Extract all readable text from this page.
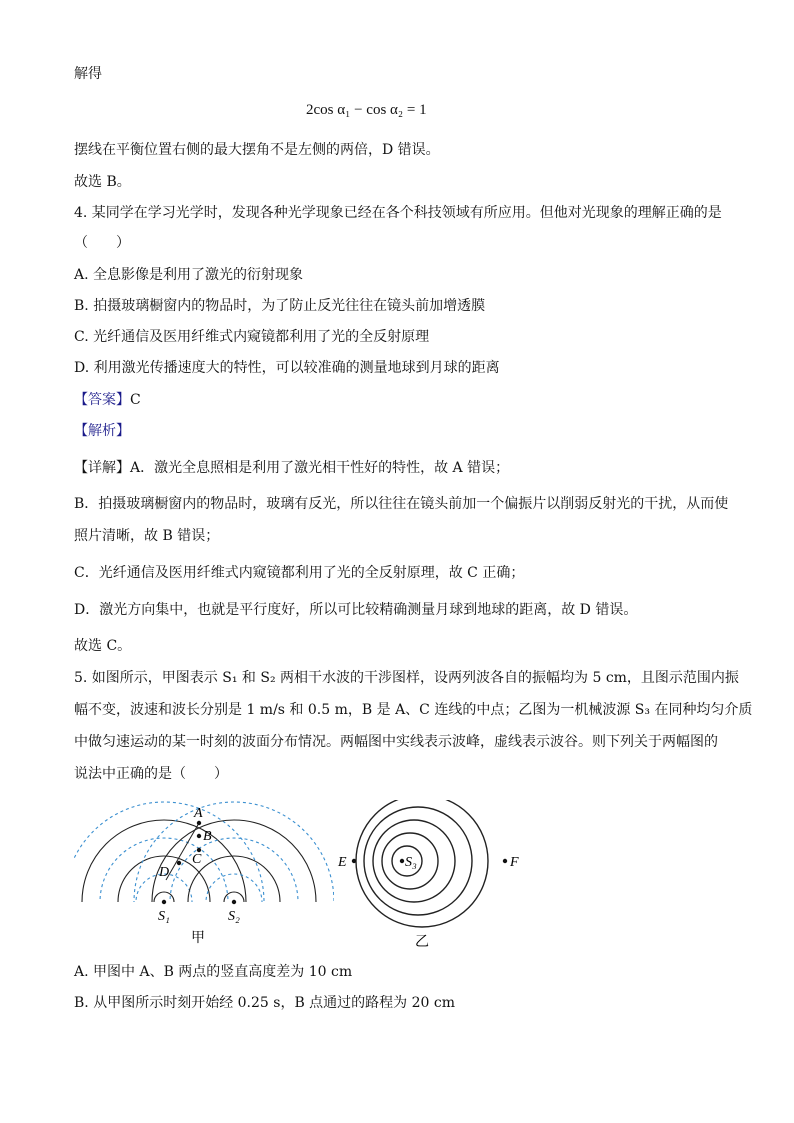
解得
2cos α₁ − cos α₂ = 1
摆线在平衡位置右侧的最大摆角不是左侧的两倍，D 错误。
故选 B。
4. 某同学在学习光学时，发现各种光学现象已经在各个科技领域有所应用。但他对光现象的理解正确的是
（　　）
A. 全息影像是利用了激光的衍射现象
B. 拍摄玻璃橱窗内的物品时，为了防止反光往往在镜头前加增透膜
C. 光纤通信及医用纤维式内窥镜都利用了光的全反射原理
D. 利用激光传播速度大的特性，可以较准确的测量地球到月球的距离
【答案】C
【解析】
【详解】A．激光全息照相是利用了激光相干性好的特性，故 A 错误；
B．拍摄玻璃橱窗内的物品时，玻璃有反光，所以往往在镜头前加一个偏振片以削弱反射光的干扰，从而使
照片清晰，故 B 错误；
C．光纤通信及医用纤维式内窥镜都利用了光的全反射原理，故 C 正确；
D．激光方向集中，也就是平行度好，所以可比较精确测量月球到地球的距离，故 D 错误。
故选 C。
5. 如图所示，甲图表示 S₁ 和 S₂ 两相干水波的干涉图样，设两列波各自的振幅均为 5 cm，且图示范围内振
幅不变，波速和波长分别是 1 m/s 和 0.5 m，B 是 A、C 连线的中点；乙图为一机械波源 S₃ 在同种均匀介质
中做匀速运动的某一时刻的波面分布情况。两幅图中实线表示波峰，虚线表示波谷。则下列关于两幅图的
说法中正确的是（　　）
A
B
C
D
S₁	S₂
甲
S₃
E	F
乙
A. 甲图中 A、B 两点的竖直高度差为 10 cm
B. 从甲图所示时刻开始经 0.25 s，B 点通过的路程为 20 cm
